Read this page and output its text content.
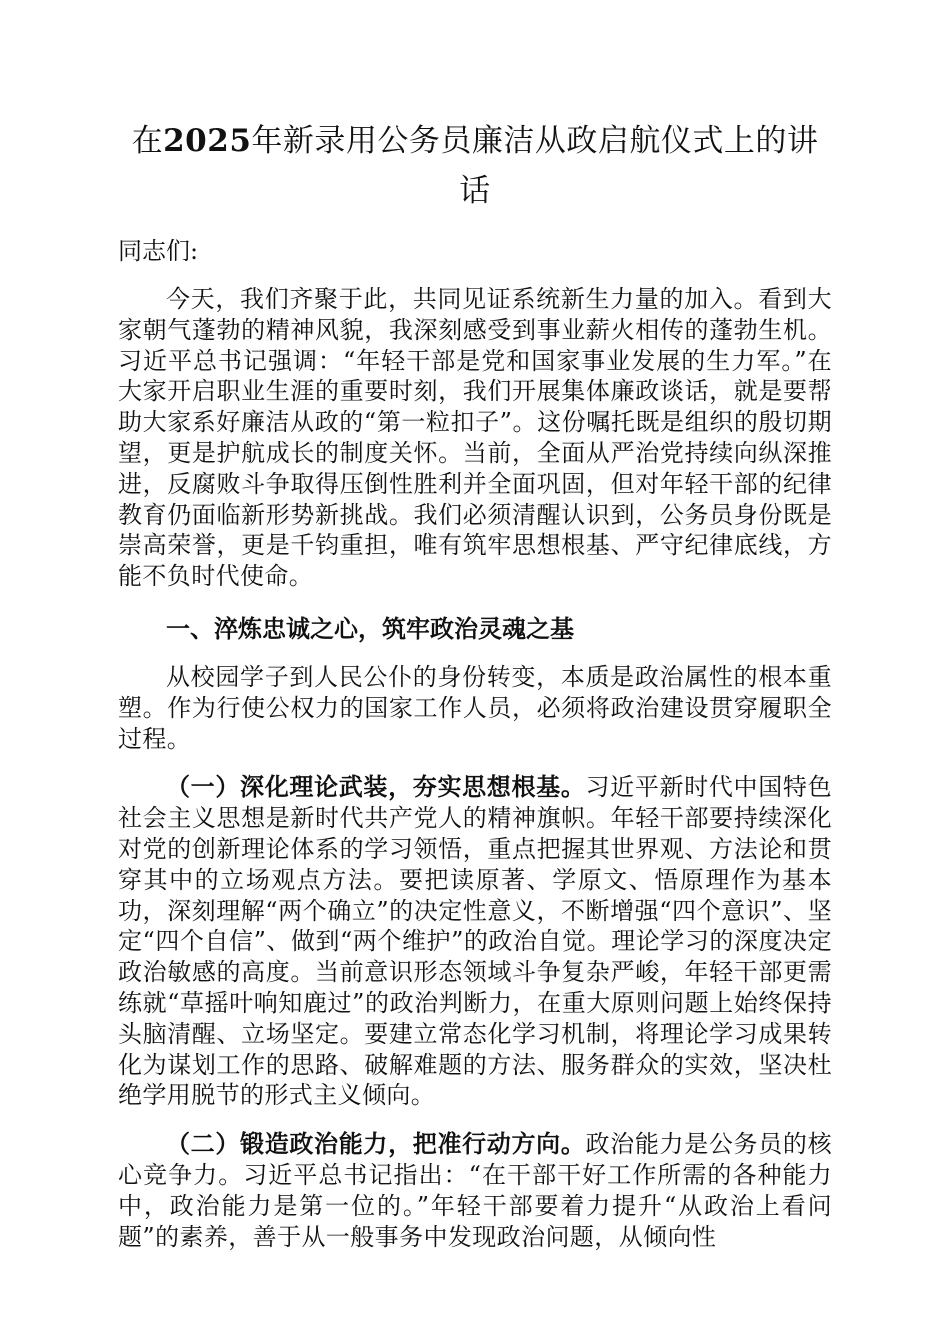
在2025年新录用公务员廉洁从政启航仪式上的讲话

同志们:

今天，我们齐聚于此，共同见证系统新生力量的加入。看到大家朝气蓬勃的精神风貌，我深刻感受到事业薪火相传的蓬勃生机。习近平总书记强调：“年轻干部是党和国家事业发展的生力军。”在大家开启职业生涯的重要时刻，我们开展集体廉政谈话，就是要帮助大家系好廉洁从政的“第一粒扣子”。这份嘱托既是组织的殷切期望，更是护航成长的制度关怀。当前，全面从严治党持续向纵深推进，反腐败斗争取得压倒性胜利并全面巩固，但对年轻干部的纪律教育仍面临新形势新挑战。我们必须清醒认识到，公务员身份既是崇高荣誉，更是千钧重担，唯有筑牢思想根基、严守纪律底线，方能不负时代使命。

一、淬炼忠诚之心，筑牢政治灵魂之基

从校园学子到人民公仆的身份转变，本质是政治属性的根本重塑。作为行使公权力的国家工作人员，必须将政治建设贯穿履职全过程。

（一）深化理论武装，夯实思想根基。习近平新时代中国特色社会主义思想是新时代共产党人的精神旗帜。年轻干部要持续深化对党的创新理论体系的学习领悟，重点把握其世界观、方法论和贯穿其中的立场观点方法。要把读原著、学原文、悟原理作为基本功，深刻理解“两个确立”的决定性意义，不断增强“四个意识”、坚定“四个自信”、做到“两个维护”的政治自觉。理论学习的深度决定政治敏感的高度。当前意识形态领域斗争复杂严峻，年轻干部更需练就“草摇叶响知鹿过”的政治判断力，在重大原则问题上始终保持头脑清醒、立场坚定。要建立常态化学习机制，将理论学习成果转化为谋划工作的思路、破解难题的方法、服务群众的实效，坚决杜绝学用脱节的形式主义倾向。

（二）锻造政治能力，把准行动方向。政治能力是公务员的核心竞争力。习近平总书记指出：“在干部干好工作所需的各种能力中，政治能力是第一位的。”年轻干部要着力提升“从政治上看问题”的素养，善于从一般事务中发现政治问题，从倾向性
